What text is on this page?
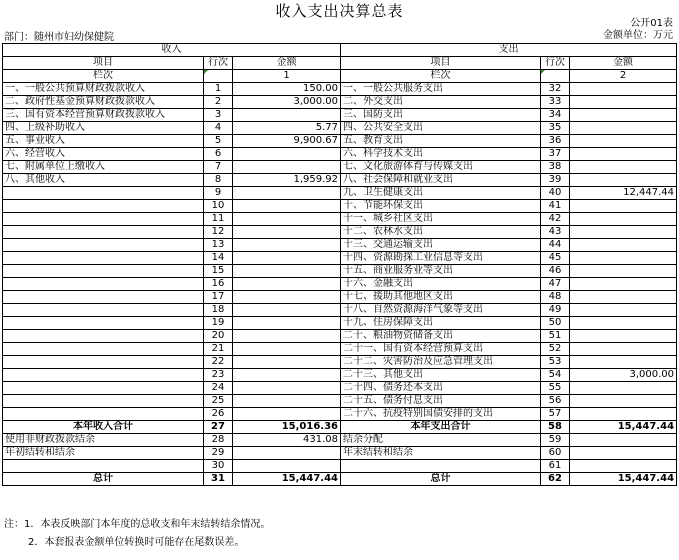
收入支出决算总表
公开01表
部门：随州市妇幼保健院	金额单位：万元
收入			支出		
项目	行次	金额	项目	行次	金额
栏次		1	栏次		2
一、一般公共预算财政拨款收入	1	150.00	一、一般公共服务支出	32	
二、政府性基金预算财政拨款收入	2	3,000.00	二、外交支出	33	
三、国有资本经营预算财政拨款收入	3		三、国防支出	34	
四、上级补助收入	4	5.77	四、公共安全支出	35	
五、事业收入	5	9,900.67	五、教育支出	36	
六、经营收入	6		六、科学技术支出	37	
七、附属单位上缴收入	7		七、文化旅游体育与传媒支出	38	
八、其他收入	8	1,959.92	八、社会保障和就业支出	39	
	9		九、卫生健康支出	40	12,447.44
	10		十、节能环保支出	41	
	11		十一、城乡社区支出	42	
	12		十二、农林水支出	43	
	13		十三、交通运输支出	44	
	14		十四、资源勘探工业信息等支出	45	
	15		十五、商业服务业等支出	46	
	16		十六、金融支出	47	
	17		十七、援助其他地区支出	48	
	18		十八、自然资源海洋气象等支出	49	
	19		十九、住房保障支出	50	
	20		二十、粮油物资储备支出	51	
	21		二十一、国有资本经营预算支出	52	
	22		二十二、灾害防治及应急管理支出	53	
	23		二十三、其他支出	54	3,000.00
	24		二十四、债务还本支出	55	
	25		二十五、债务付息支出	56	
	26		二十六、抗疫特别国债安排的支出	57	
本年收入合计	27	15,016.36	本年支出合计	58	15,447.44
使用非财政拨款结余	28	431.08	结余分配	59	
年初结转和结余	29		年末结转和结余	60	
	30			61	
总计	31	15,447.44	总计	62	15,447.44
注：1．本表反映部门本年度的总收支和年末结转结余情况。
2．本套报表金额单位转换时可能存在尾数误差。
